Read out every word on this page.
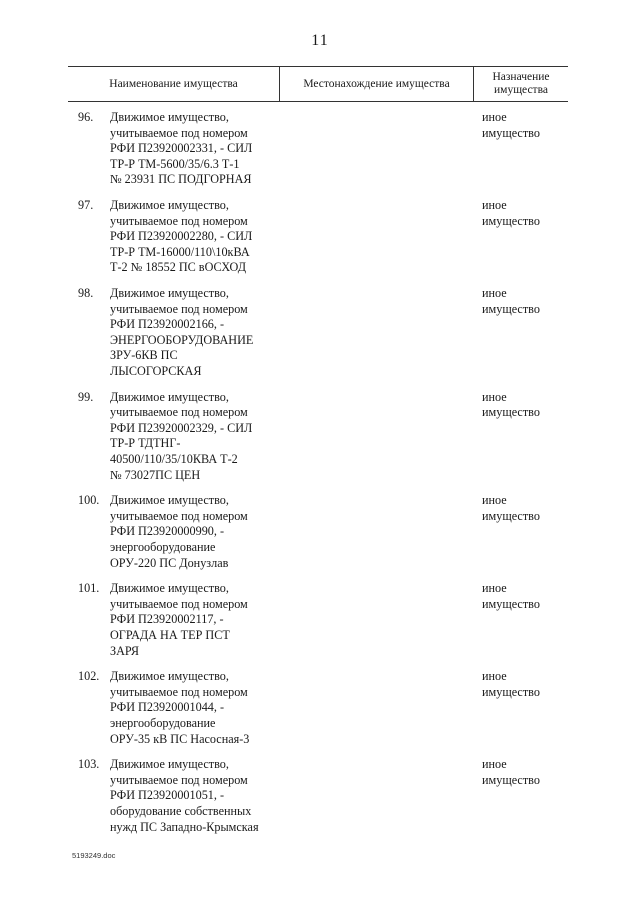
11
Наименование имущества	Местонахождение имущества
Назначение имущества
96. Движимое имущество,
учитываемое под номером
РФИ П23920002331, - СИЛ
ТР-Р ТМ-5600/35/6.3 Т-1
№ 23931 ПС ПОДГОРНАЯ
иное
имущество
97. Движимое имущество,
учитываемое под номером
РФИ П23920002280, - СИЛ
ТР-Р ТМ-16000/110\10кВА
Т-2 № 18552 ПС вОСХОД
иное
имущество
98. Движимое имущество,
учитываемое под номером
РФИ П23920002166, -
ЭНЕРГООБОРУДОВАНИЕ
ЗРУ-6КВ ПС
ЛЫСОГОРСКАЯ
иное
имущество
99. Движимое имущество,
учитываемое под номером
РФИ П23920002329, - СИЛ
ТР-Р ТДТНГ-
40500/110/35/10КВА Т-2
№ 73027ПС ЦЕН
иное
имущество
100. Движимое имущество,
учитываемое под номером
РФИ П23920000990, -
энергооборудование
ОРУ-220 ПС Донузлав
иное
имущество
101. Движимое имущество,
учитываемое под номером
РФИ П23920002117, -
ОГРАДА НА ТЕР ПСТ
ЗАРЯ
иное
имущество
102. Движимое имущество,
учитываемое под номером
РФИ П23920001044, -
энергооборудование
ОРУ-35 кВ ПС Насосная-3
иное
имущество
103. Движимое имущество,
учитываемое под номером
РФИ П23920001051, -
оборудование собственных
нужд ПС Западно-Крымская
иное
имущество
5193249.doc
